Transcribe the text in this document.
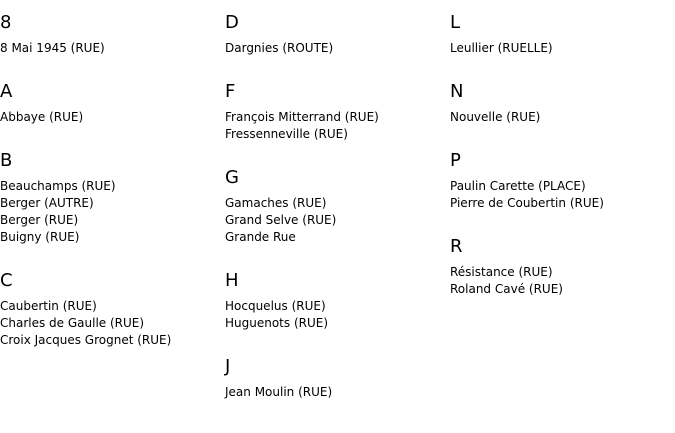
8
8 Mai 1945 (RUE)
A
Abbaye (RUE)
B
Beauchamps (RUE)
Berger (AUTRE)
Berger (RUE)
Buigny (RUE)
C
Caubertin (RUE)
Charles de Gaulle (RUE)
Croix Jacques Grognet (RUE)
D
Dargnies (ROUTE)
F
François Mitterrand (RUE)
Fressenneville (RUE)
G
Gamaches (RUE)
Grand Selve (RUE)
Grande Rue
H
Hocquelus (RUE)
Huguenots (RUE)
J
Jean Moulin (RUE)
L
Leullier (RUELLE)
N
Nouvelle (RUE)
P
Paulin Carette (PLACE)
Pierre de Coubertin (RUE)
R
Résistance (RUE)
Roland Cavé (RUE)
